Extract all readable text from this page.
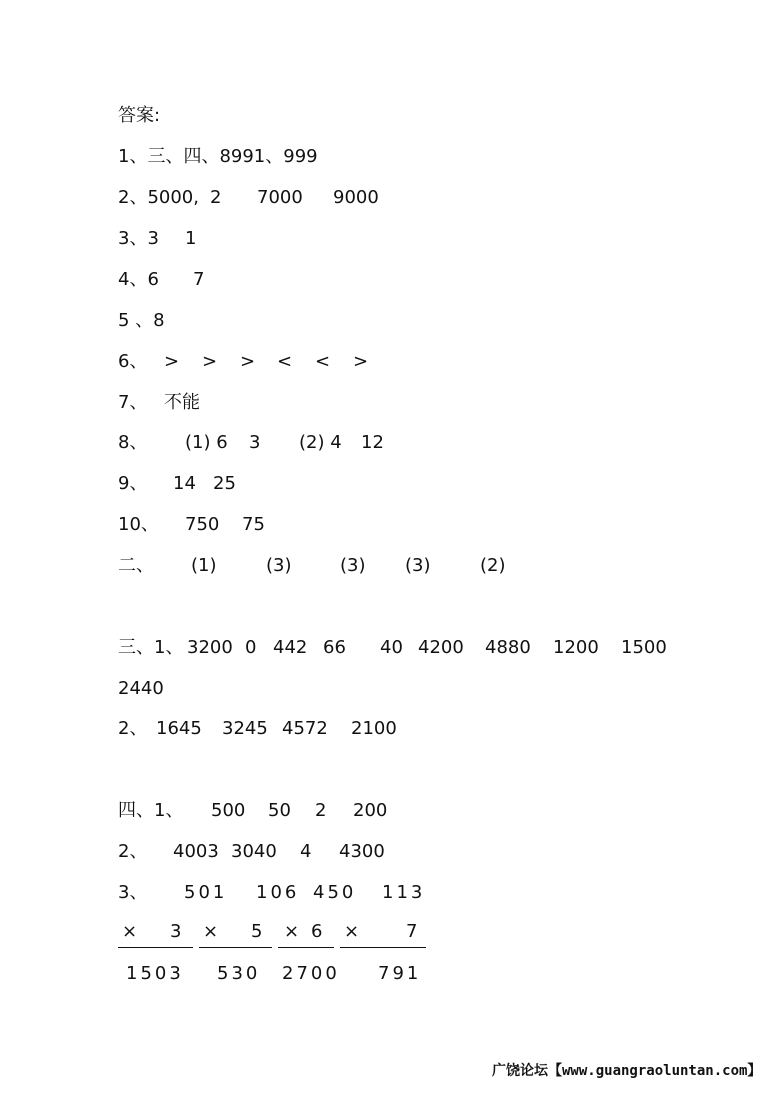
答案:
1、三、四、8991、999
2、5000, 2 7000 9000
3、3 1
4、6 7
5 、8
6、 > > > < < >
7、 不能
8、 (1) 6 3 (2) 4 12
9、 14 25
10、 750 75
二、 (1)	(3)	(3) (3)	(2)
三、1、 3200 0 442 66 40 4200 4880 1200 1500
2440
2、 1645 3245 4572 2100
四、1、 500 50 2 200
2、 4003 3040 4 4300
3、 501 106 450 113
× 3 × 5 × 6 ×	7
1503 530 2700 791
广饶论坛【www.guangraoluntan.com】
